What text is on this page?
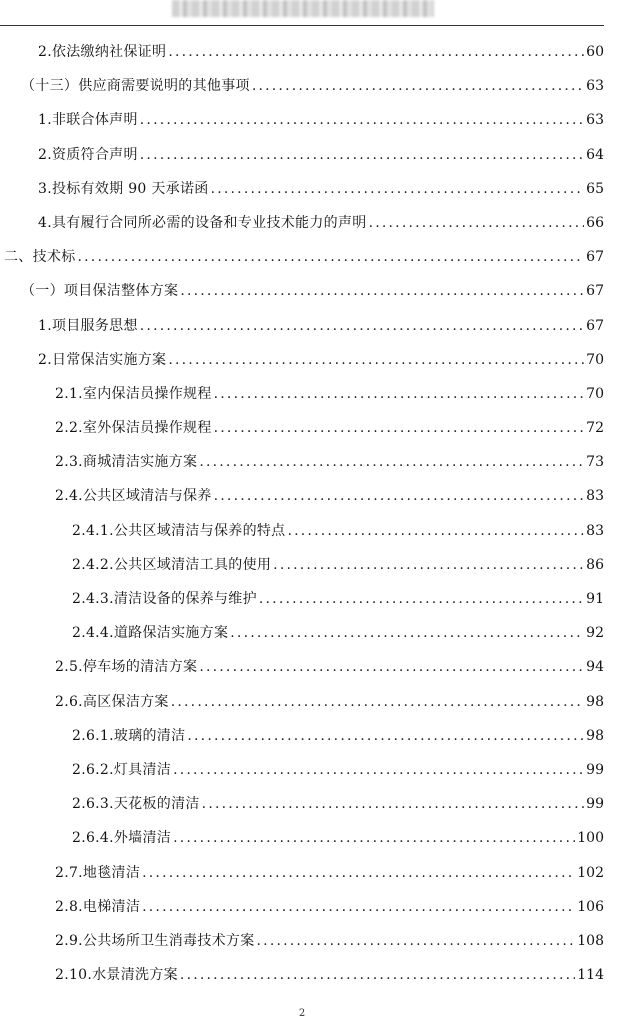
2.依法缴纳社保证明 .....	60
（十三）供应商需要说明的其他事项 .....	63
1.非联合体声明 .....	63
2.资质符合声明 .....	64
3.投标有效期 90 天承诺函 .....	65
4.具有履行合同所必需的设备和专业技术能力的声明 .....	66
二、技术标 .....	67
（一）项目保洁整体方案 .....	67
1.项目服务思想 .....	67
2.日常保洁实施方案 .....	70
2.1.室内保洁员操作规程 .....	70
2.2.室外保洁员操作规程 .....	72
2.3.商城清洁实施方案 .....	73
2.4.公共区域清洁与保养 .....	83
2.4.1.公共区域清洁与保养的特点 .....	83
2.4.2.公共区域清洁工具的使用 .....	86
2.4.3.清洁设备的保养与维护 .....	91
2.4.4.道路保洁实施方案 .....	92
2.5.停车场的清洁方案 .....	94
2.6.高区保洁方案 .....	98
2.6.1.玻璃的清洁 .....	98
2.6.2.灯具清洁 .....	99
2.6.3.天花板的清洁 .....	99
2.6.4.外墙清洁 .....	100
2.7.地毯清洁 .....	102
2.8.电梯清洁 .....	106
2.9.公共场所卫生消毒技术方案 .....	108
2.10.水景清洗方案 .....	114
2
